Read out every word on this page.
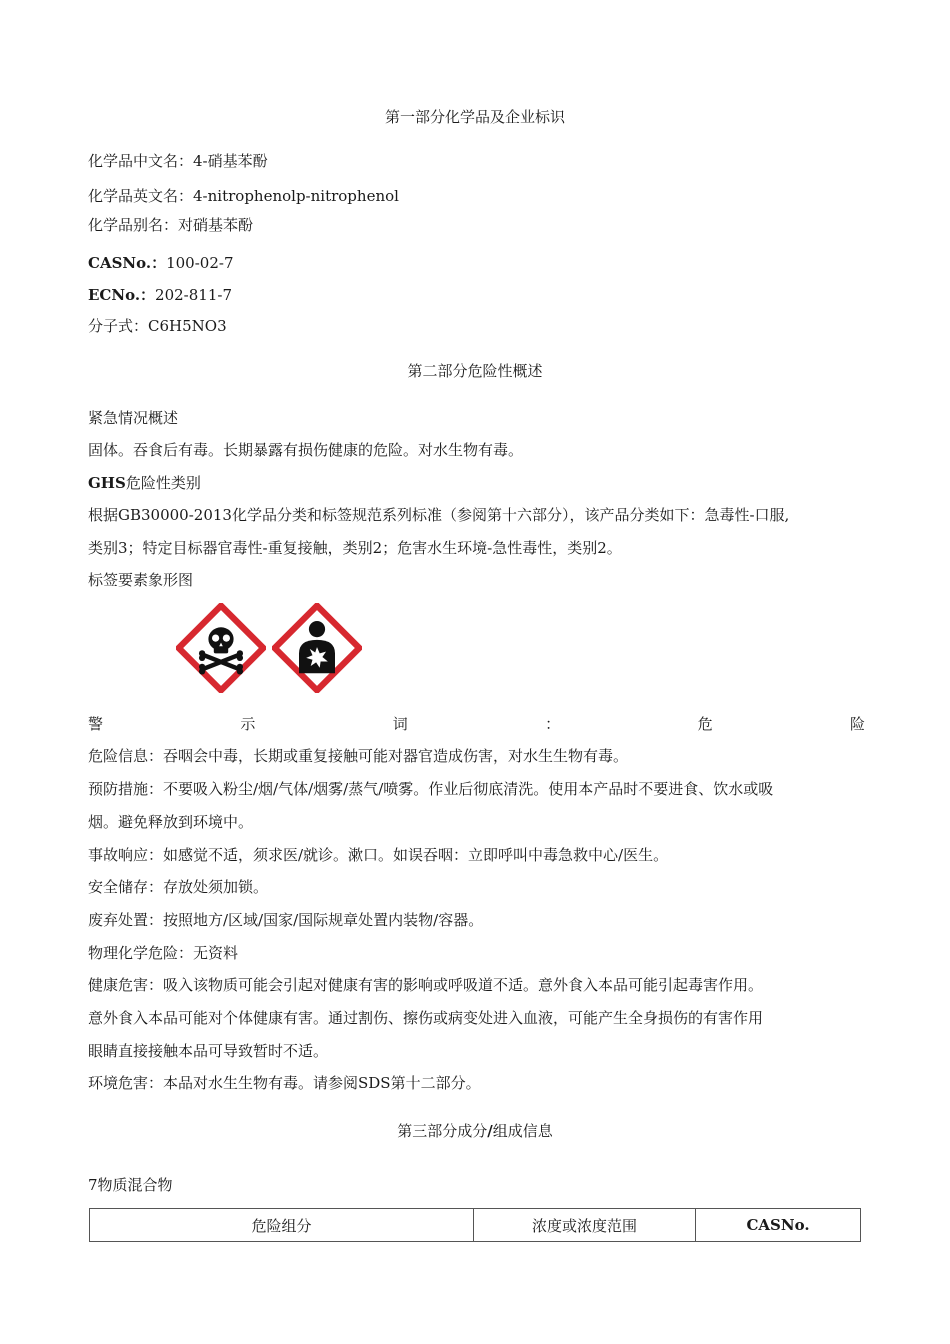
第一部分化学品及企业标识
化学品中文名：4-硝基苯酚
化学品英文名：4-nitrophenolp-nitrophenol
化学品别名：对硝基苯酚
CASNo.：100-02-7
ECNo.：202-811-7
分子式：C6H5NO3
第二部分危险性概述
紧急情况概述
固体。吞食后有毒。长期暴露有损伤健康的危险。对水生物有毒。
GHS危险性类别
根据GB30000-2013化学品分类和标签规范系列标准（参阅第十六部分），该产品分类如下：急毒性-口服,
类别3；特定目标器官毒性-重复接触，类别2；危害水生环境-急性毒性，类别2。
标签要素象形图
警	示	词	：	危	险
危险信息：吞咽会中毒，长期或重复接触可能对器官造成伤害，对水生生物有毒。
预防措施：不要吸入粉尘/烟/气体/烟雾/蒸气/喷雾。作业后彻底清洗。使用本产品时不要进食、饮水或吸
烟。避免释放到环境中。
事故响应：如感觉不适，须求医/就诊。漱口。如误吞咽：立即呼叫中毒急救中心/医生。
安全储存：存放处须加锁。
废弃处置：按照地方/区域/国家/国际规章处置内装物/容器。
物理化学危险：无资料
健康危害：吸入该物质可能会引起对健康有害的影响或呼吸道不适。意外食入本品可能引起毒害作用。
意外食入本品可能对个体健康有害。通过割伤、擦伤或病变处进入血液，可能产生全身损伤的有害作用
眼睛直接接触本品可导致暂时不适。
环境危害：本品对水生生物有毒。请参阅SDS第十二部分。
第三部分成分/组成信息
7物质混合物
危险组分	浓度或浓度范围	CASNo.
